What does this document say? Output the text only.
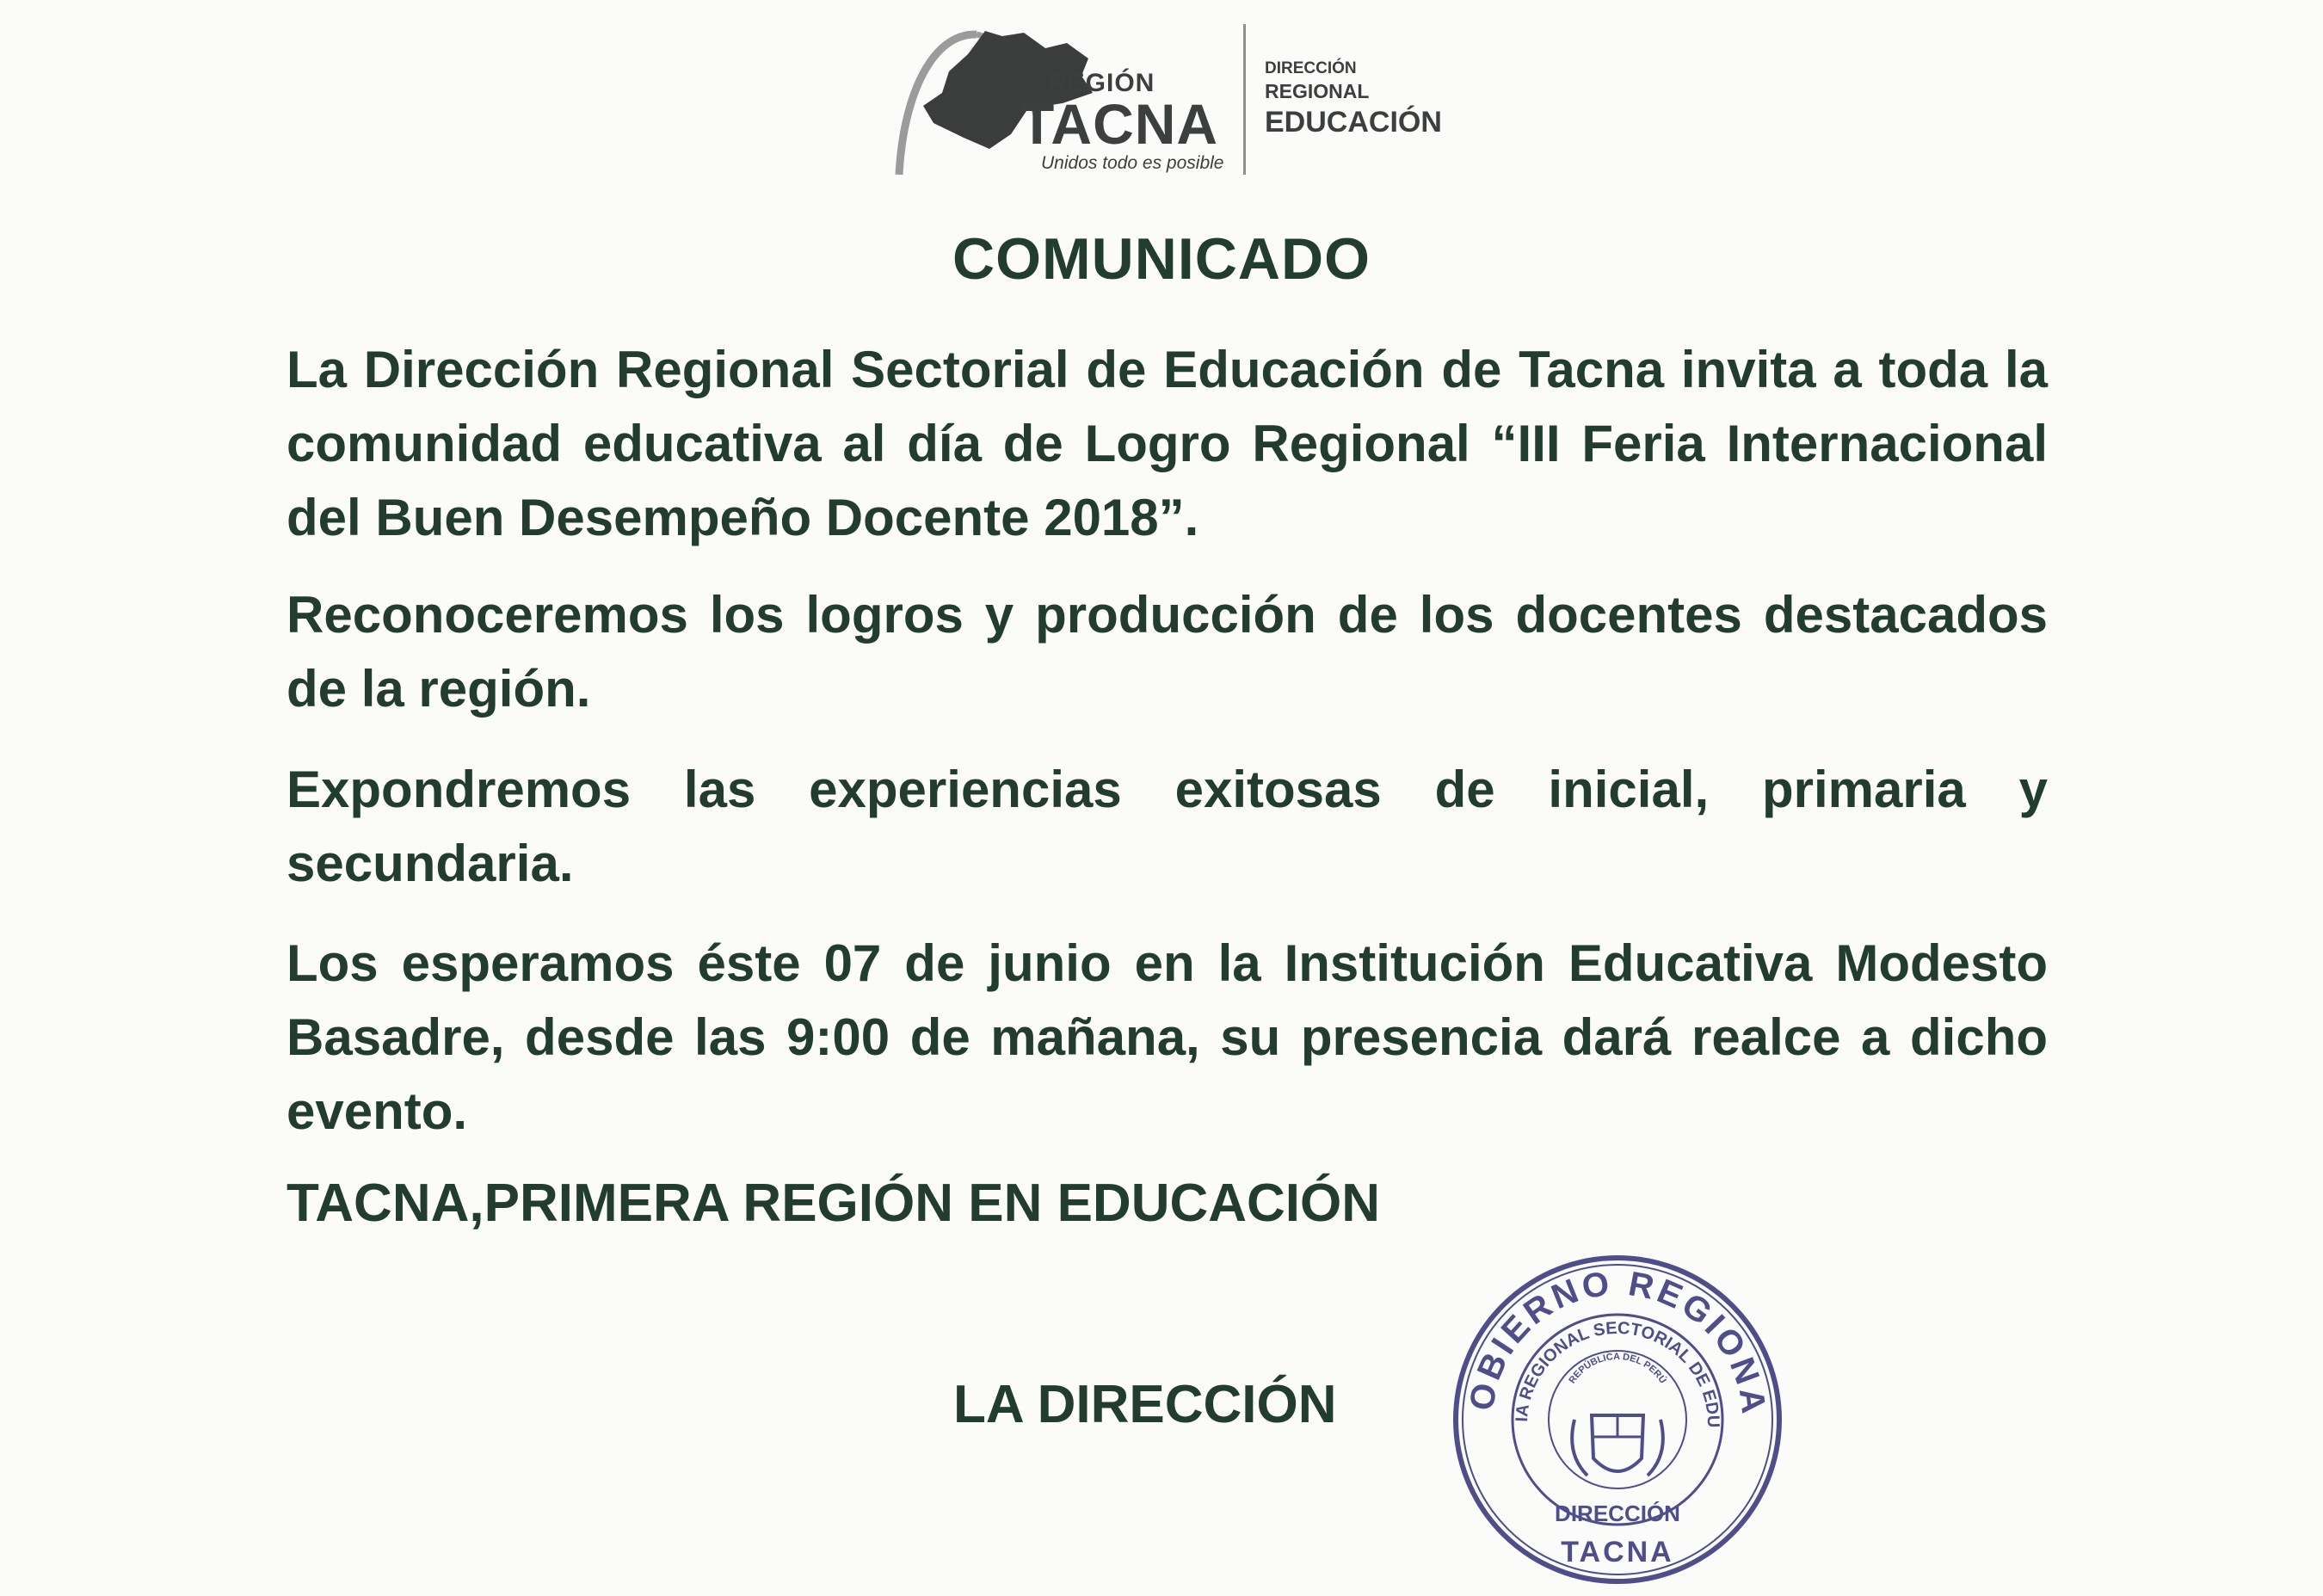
REGIÓN
TACNA
Unidos todo es posible
DIRECCIÓN
REGIONAL
EDUCACIÓN
COMUNICADO
La Dirección Regional Sectorial de Educación de Tacna invita a toda la comunidad educativa al día de Logro Regional “III Feria Internacional del Buen Desempeño Docente 2018”.
Reconoceremos los logros y producción de los docentes destacados de la región.
Expondremos las experiencias exitosas de inicial, primaria y secundaria.
Los esperamos éste 07 de junio en la Institución Educativa Modesto Basadre, desde las 9:00 de mañana, su presencia dará realce a dicho evento.
TACNA,PRIMERA REGIÓN EN EDUCACIÓN
LA DIRECCIÓN	OBIERNO REGIONA
IA REGIONAL SECTORIAL DE EDU
REPÚBLICA DEL PERÚ
DIRECCIÓN
TACNA
